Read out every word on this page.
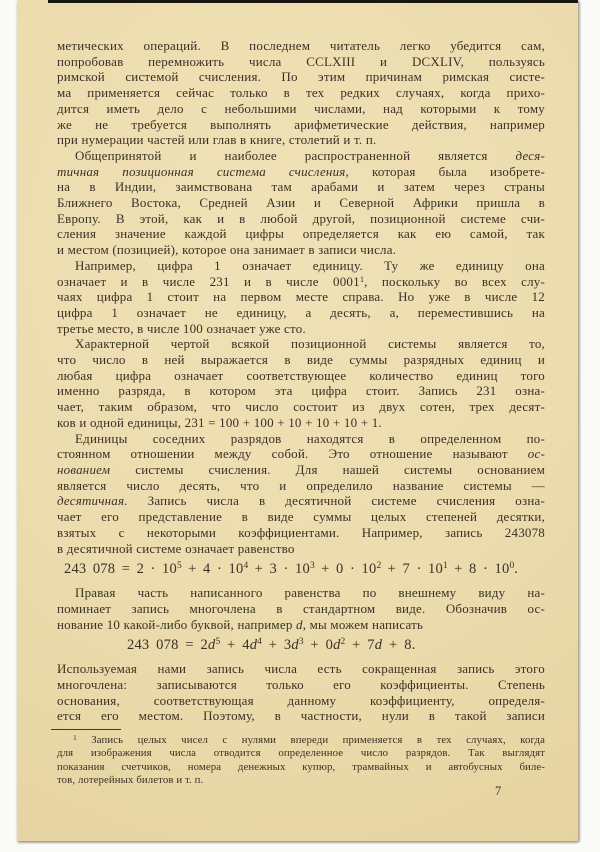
метических операций. В последнем читатель легко убедится сам,
попробовав перемножить числа CCLXIII и DCXLIV, пользуясь
римской системой счисления. По этим причинам римская систе-
ма применяется сейчас только в тех редких случаях, когда прихо-
дится иметь дело с небольшими числами, над которыми к тому
же не требуется выполнять арифметические действия, например
при нумерации частей или глав в книге, столетий и т. п.
Общепринятой и наиболее распространенной является деся-
тичная позиционная система счисления, которая была изобрете-
на в Индии, заимствована там арабами и затем через страны
Ближнего Востока, Средней Азии и Северной Африки пришла в
Европу. В этой, как и в любой другой, позиционной системе счи-
сления значение каждой цифры определяется как ею самой, так
и местом (позицией), которое она занимает в записи числа.
Например, цифра 1 означает единицу. Ту же единицу она
означает и в числе 231 и в числе 0001$^1$, поскольку во всех слу-
чаях цифра 1 стоит на первом месте справа. Но уже в числе 12
цифра 1 означает не единицу, а десять, а, переместившись на
третье место, в числе 100 означает уже сто.
Характерной чертой всякой позиционной системы является то,
что число в ней выражается в виде суммы разрядных единиц и
любая цифра означает соответствующее количество единиц того
именно разряда, в котором эта цифра стоит. Запись 231 озна-
чает, таким образом, что число состоит из двух сотен, трех десят-
ков и одной единицы, 231 = 100 + 100 + 10 + 10 + 10 + 1.
Единицы соседних разрядов находятся в определенном по-
стоянном отношении между собой. Это отношение называют ос-
нованием системы счисления. Для нашей системы основанием
является число десять, что и определило название системы —
десятичная. Запись числа в десятичной системе счисления озна-
чает его представление в виде суммы целых степеней десятки,
взятых с некоторыми коэффициентами. Например, запись 243078
в десятичной системе означает равенство
243 $078 = 2 \cdot 10^5 + 4 \cdot 10^4 + 3 \cdot 10^3 + 0 \cdot 10^2 + 7 \cdot 10^1 + 8 \cdot 10^0$.
Правая часть написанного равенства по внешнему виду на-
поминает запись многочлена в стандартном виде. Обозначив ос-
нование 10 какой-либо буквой, например d, мы можем написать
243 $078 = 2d^5 + 4d^4 + 3d^3 + 0d^2 + 7d + 8$.
Используемая нами запись числа есть сокращенная запись этого
многочлена: записываются только его коэффициенты. Степень
основания, соответствующая данному коэффициенту, определя-
ется его местом. Поэтому, в частности, нули в такой записи
$^1$ Запись целых чисел с нулями впереди применяется в тех случаях, когда
для изображения числа отводится определенное число разрядов. Так выглядят
показания счетчиков, номера денежных купюр, трамвайных и автобусных биле-
тов, лотерейных билетов и т. п.
7
